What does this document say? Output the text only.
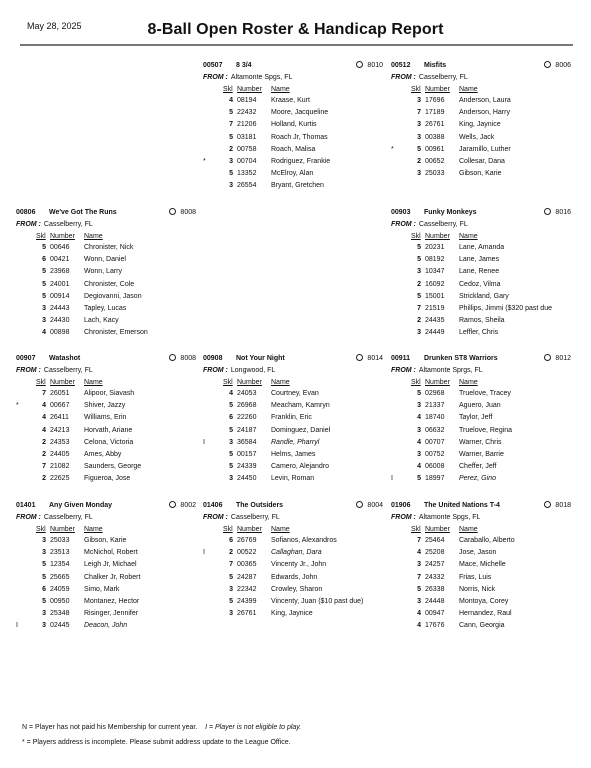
May 28, 2025	8-Ball Open Roster & Handicap Report
00507 8 3/4	8010
FROM : Altamonte Spgs, FL
Skl Number Name
4 08194 Kraase, Kurt
5 22432 Moore, Jacqueline
7 21206 Holland, Kurtis
5 03181 Roach Jr, Thomas
2 00758 Roach, Malisa
*	3 00704 Rodriguez, Frankie
5 13352 McElroy, Alan
3 26554 Bryant, Gretchen
00512 Misfits	8006
FROM : Casselberry, FL
Skl Number Name
3 17696 Anderson, Laura
7 17189 Anderson, Harry
3 26761 King, Jaynice
3 00388 Wells, Jack
*	5 00961 Jaramillo, Luther
2 00652 Collesar, Dana
3 25033 Gibson, Karie
00806 We've Got The Runs	8008
FROM : Casselberry, FL
Skl Number Name
5 00646 Chronister, Nick
6 00421 Wonn, Daniel
5 23968 Wonn, Larry
5 24001 Chronister, Cole
5 00914 Degiovanni, Jason
3 24443 Tapley, Lucas
3 24430 Lach, Kacy
4 00898 Chronister, Emerson
00903 Funky Monkeys	8016
FROM : Casselberry, FL
Skl Number Name
5 20231 Lane, Amanda
5 08192 Lane, James
3 10347 Lane, Renee
2 16092 Cedoz, Vilma
5 15001 Strickland, Gary
7 21519 Phillips, Jimmi ($320 past due
2 24435 Ramos, Sheila
3 24449 Leffler, Chris
00907 Watashot	8008
FROM : Casselberry, FL
Skl Number Name
7 26051 Alipoor, Siavash
*	4 00667 Shiver, Jazzy
4 26411 Williams, Erin
4 24213 Horvath, Ariane
2 24353 Celona, Victoria
2 24405 Ames, Abby
7 21082 Saunders, George
2 22625 Figueroa, Jose
00908 Not Your Night	8014
FROM : Longwood, FL
Skl Number Name
4 24053 Courtney, Evan
5 26968 Meacham, Kamryn
6 22260 Franklin, Eric
5 24187 Dominguez, Daniel
I	3 36584 Randle, Pharryl
5 00157 Helms, James
5 24339 Camero, Alejandro
3 24450 Levin, Roman
00911 Drunken ST8 Warriors	8012
FROM : Altamonte Sprgs, FL
Skl Number Name
5 02968 Truelove, Tracey
3 21337 Aguero, Juan
4 18740 Taylor, Jeff
3 06632 Truelove, Regina
4 00707 Warner, Chris
3 00752 Warner, Barrie
4 06008 Cheffer, Jeff
I	5 18997 Perez, Gino
01401 Any Given Monday	8002
FROM : Casselberry, FL
Skl Number Name
3 25033 Gibson, Karie
3 23513 McNichol, Robert
5 12354 Leigh Jr, Michael
5 25665 Chalker Jr, Robert
6 24059 Simo, Mark
5 00950 Montanez, Hector
3 25348 Risinger, Jennifer
I	3 02445 Deacon, John
01406 The Outsiders	8004
FROM : Casselberry, FL
Skl Number Name
6 26769 Sofianos, Alexandros
I	2 00522 Callaghan, Dara
7 00365 Vincenty Jr., John
5 24287 Edwards, John
3 22342 Crowley, Sharon
5 24399 Vincenty, Juan ($10 past due)
3 26761 King, Jaynice
01906 The United Nations T-4	8018
FROM : Altamonte Spgs, FL
Skl Number Name
7 25464 Caraballo, Alberto
4 25208 Jose, Jason
3 24257 Mace, Michelle
7 24332 Frias, Luis
5 26338 Norris, Nick
3 24448 Montoya, Corey
4 00947 Hernandez, Raul
4 17676 Cann, Georgia
N = Player has not paid his Membership for current year. I = Player is not eligible to play.
* = Players address is incomplete. Please submit address update to the League Office.
